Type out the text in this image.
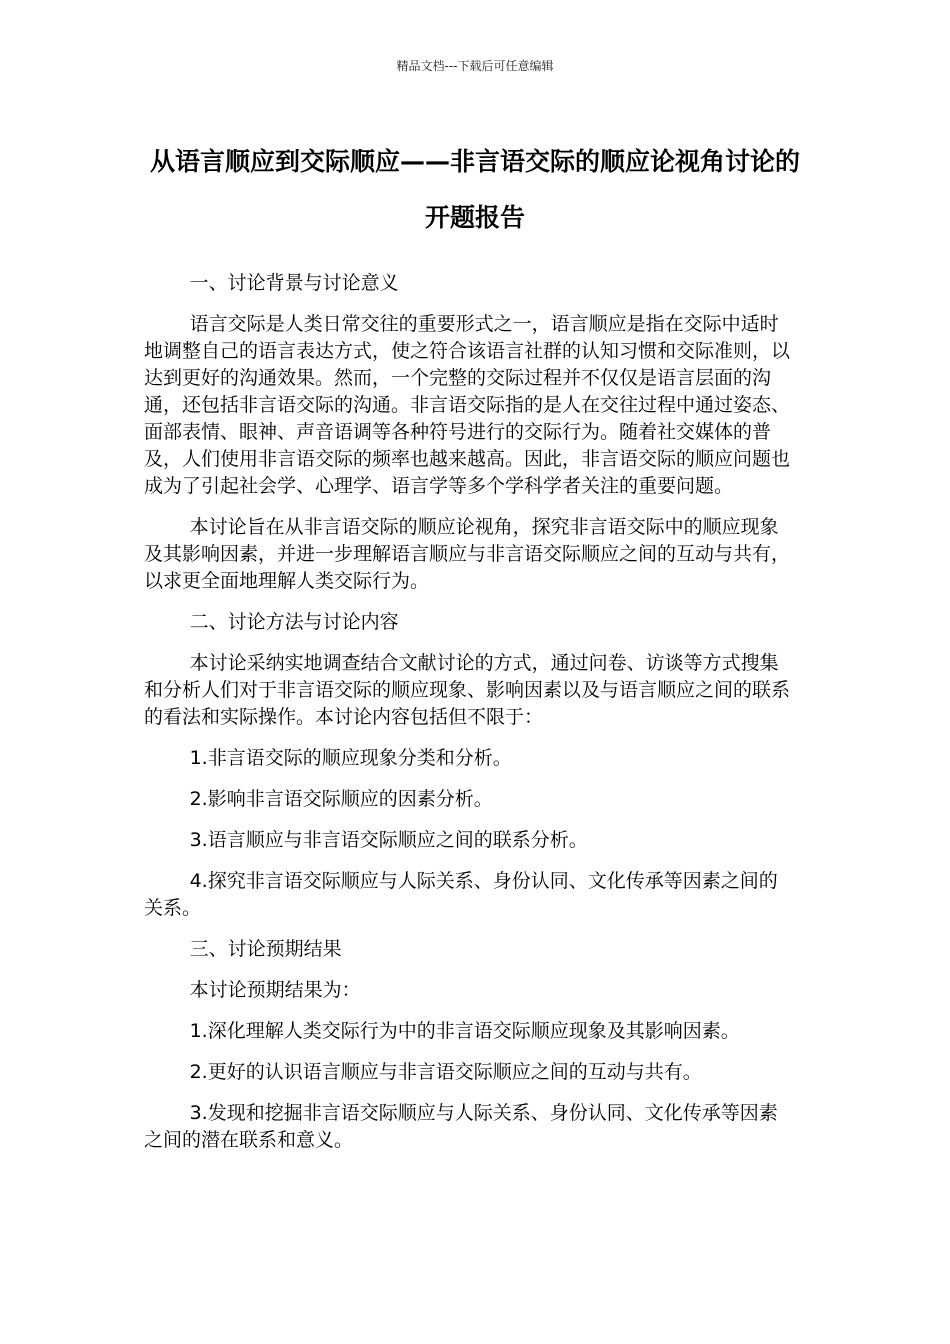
精品文档---下载后可任意编辑
从语言顺应到交际顺应——非言语交际的顺应论视角讨论的开题报告

一、讨论背景与讨论意义

语言交际是人类日常交往的重要形式之一，语言顺应是指在交际中适时地调整自己的语言表达方式，使之符合该语言社群的认知习惯和交际准则，以达到更好的沟通效果。然而，一个完整的交际过程并不仅仅是语言层面的沟通，还包括非言语交际的沟通。非言语交际指的是人在交往过程中通过姿态、面部表情、眼神、声音语调等各种符号进行的交际行为。随着社交媒体的普及，人们使用非言语交际的频率也越来越高。因此，非言语交际的顺应问题也成为了引起社会学、心理学、语言学等多个学科学者关注的重要问题。

本讨论旨在从非言语交际的顺应论视角，探究非言语交际中的顺应现象及其影响因素，并进一步理解语言顺应与非言语交际顺应之间的互动与共有，以求更全面地理解人类交际行为。

二、讨论方法与讨论内容

本讨论采纳实地调查结合文献讨论的方式，通过问卷、访谈等方式搜集和分析人们对于非言语交际的顺应现象、影响因素以及与语言顺应之间的联系的看法和实际操作。本讨论内容包括但不限于：

1.非言语交际的顺应现象分类和分析。

2.影响非言语交际顺应的因素分析。

3.语言顺应与非言语交际顺应之间的联系分析。

4.探究非言语交际顺应与人际关系、身份认同、文化传承等因素之间的关系。

三、讨论预期结果

本讨论预期结果为：

1.深化理解人类交际行为中的非言语交际顺应现象及其影响因素。

2.更好的认识语言顺应与非言语交际顺应之间的互动与共有。

3.发现和挖掘非言语交际顺应与人际关系、身份认同、文化传承等因素之间的潜在联系和意义。
